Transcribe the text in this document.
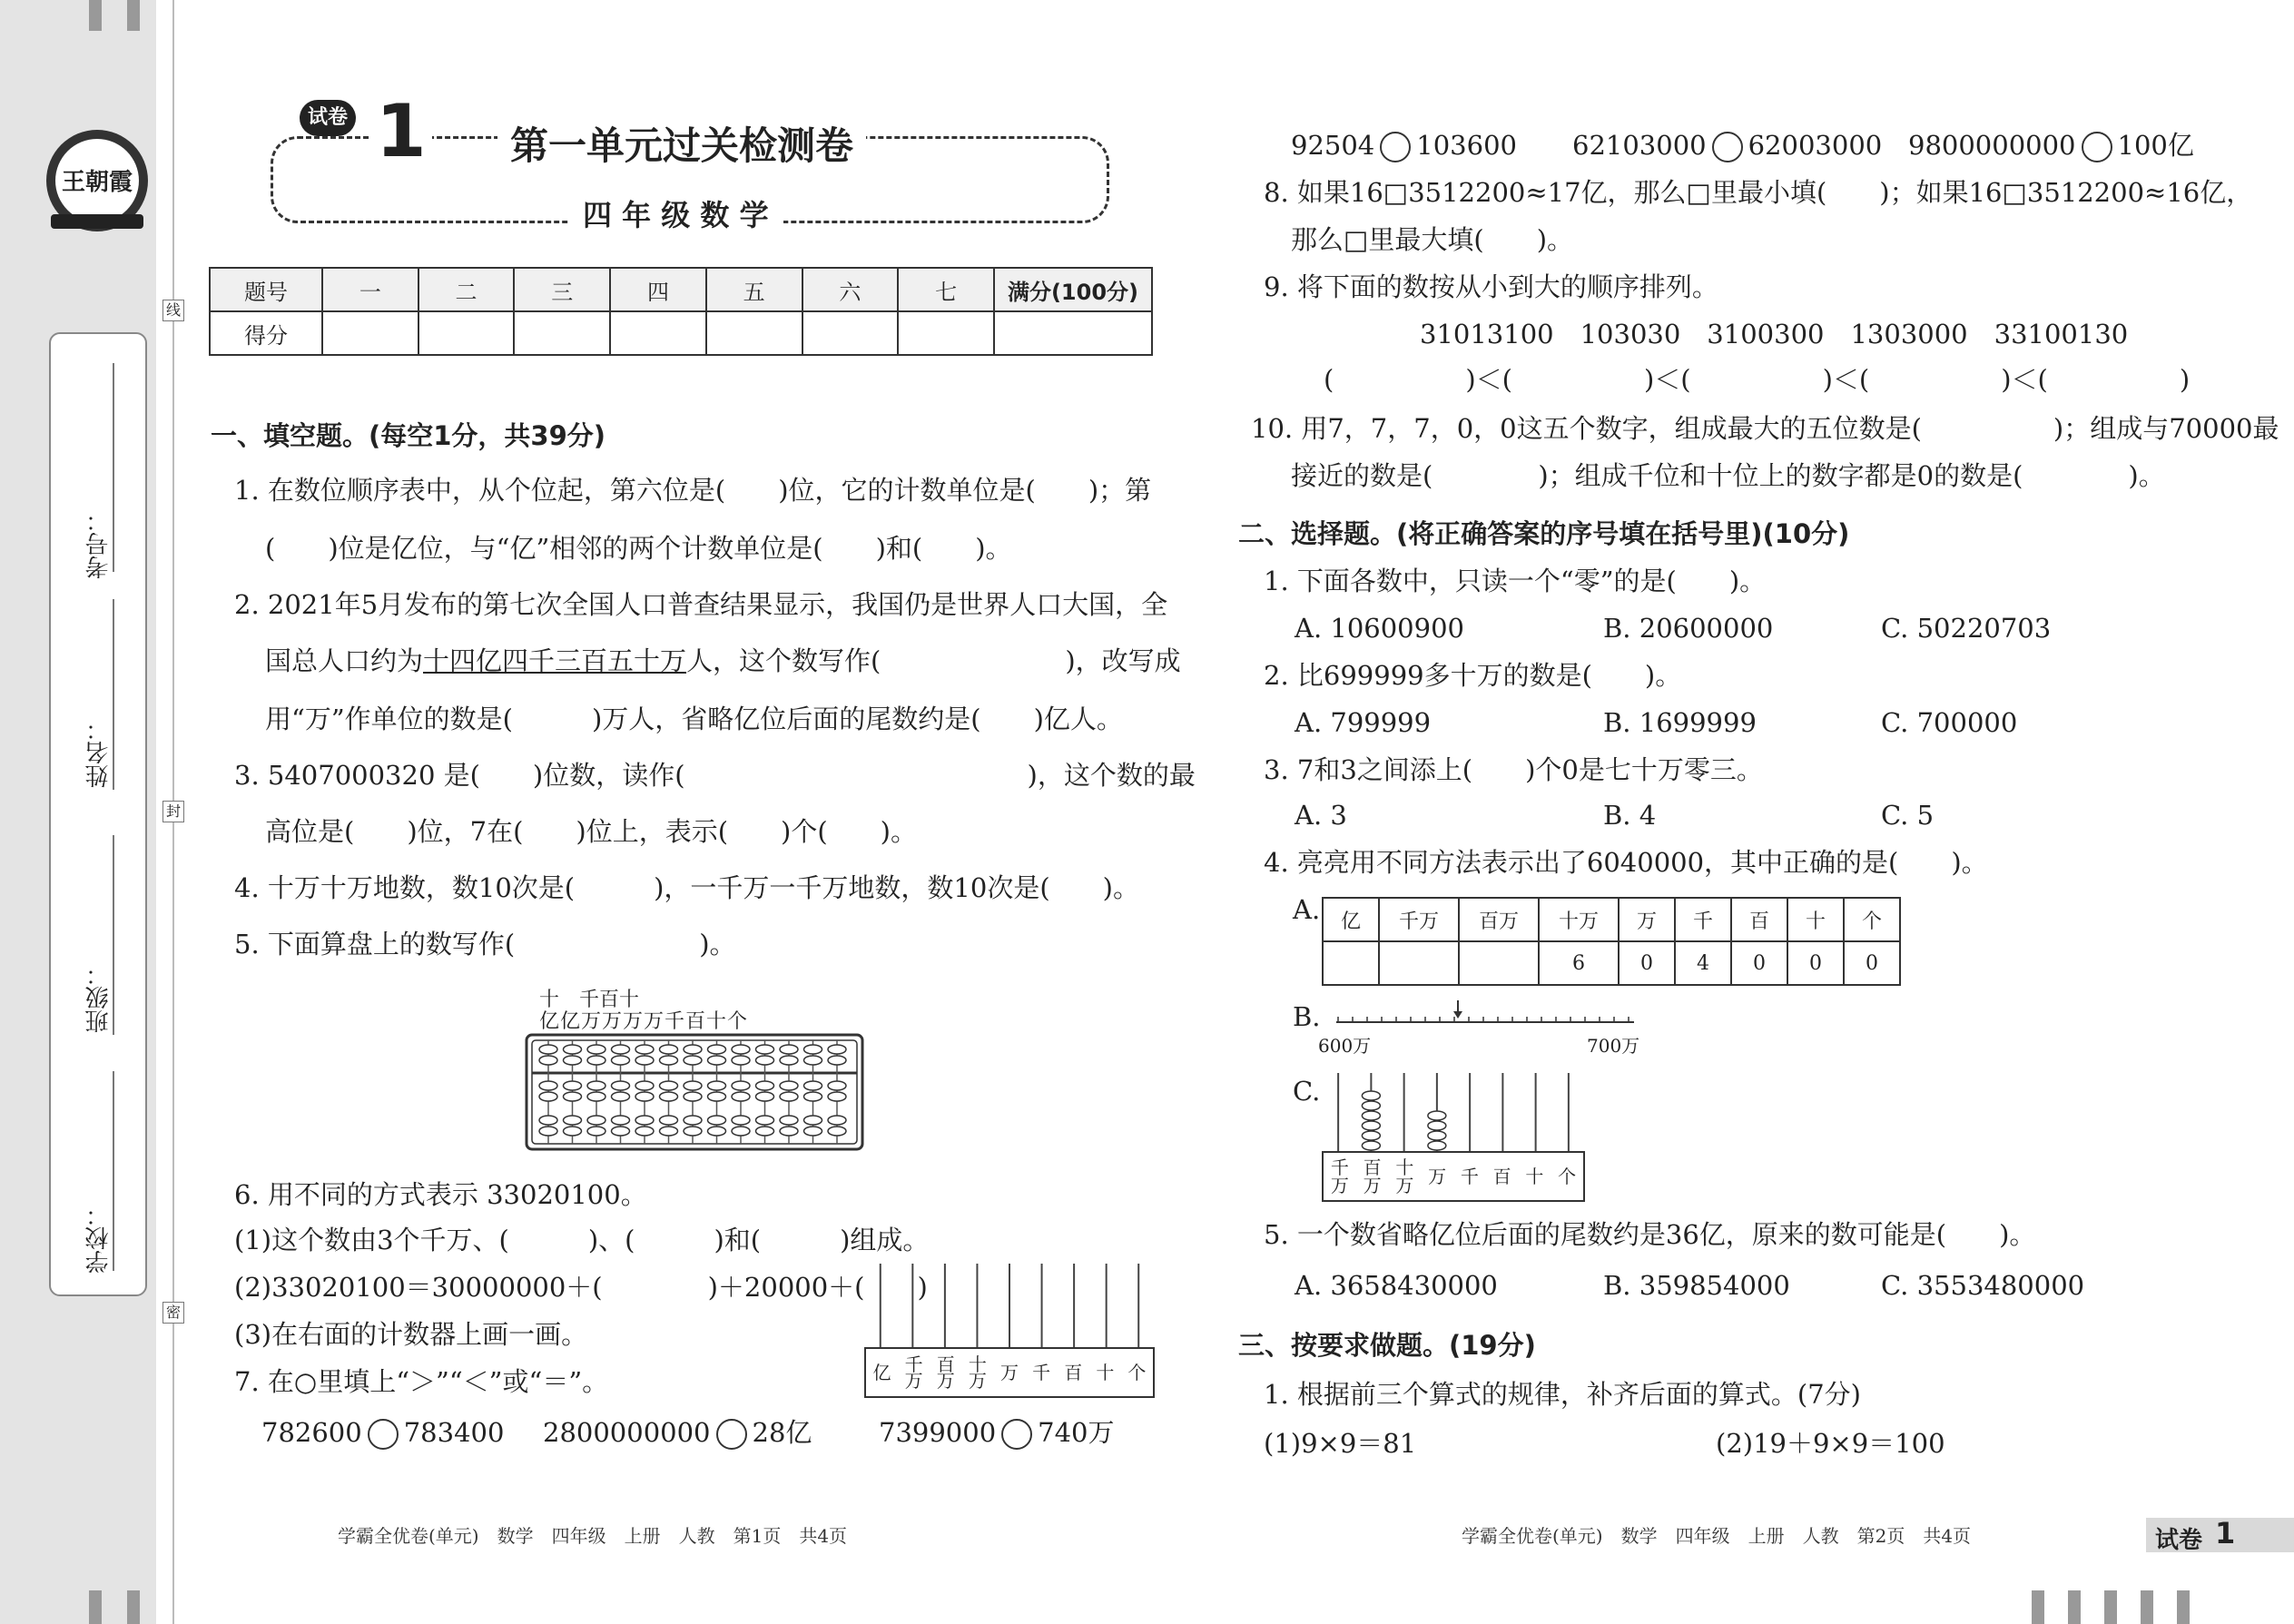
王朝霞
考号：
姓名：
班级：
学校：
线
封
密
试卷 1	第一单元过关检测卷
四 年 级 数 学
题号	一	二	三	四	五	六	七	满分(100分)
得分								
一、填空题。(每空1分，共39分)
1. 在数位顺序表中，从个位起，第六位是(　　)位，它的计数单位是(　　)；第
(　　)位是亿位，与“亿”相邻的两个计数单位是(　　)和(　　)。
2. 2021年5月发布的第七次全国人口普查结果显示，我国仍是世界人口大国，全
国总人口约为十四亿四千三百五十万人，这个数写作(　　　　　　　)，改写成
用“万”作单位的数是(　　　)万人，省略亿位后面的尾数约是(　　)亿人。
3. 5407000320 是(　　)位数，读作(　　　　　　　　　　　　　)，这个数的最
高位是(　　)位，7在(　　)位上，表示(　　)个(　　)。
4. 十万十万地数，数10次是(　　　)，一千万一千万地数，数10次是(　　)。
5. 下面算盘上的数写作(　　　　　　　)。
十　千百十
亿亿万万万万千百十个
6. 用不同的方式表示 33020100。
(1)这个数由3个千万、(　　　)、(　　　)和(　　　)组成。
(2)33020100＝30000000＋(　　　　)＋20000＋(　　)
(3)在右面的计数器上画一画。
亿 千万
百万
十万 万 千 百 十 个
7. 在○里填上“＞”“＜”或“＝”。
782600 783400 2800000000 28亿	7399000 740万
学霸全优卷(单元)　数学　四年级　上册　人教　第1页　共4页
92504 103600 62103000 62003000 9800000000 100亿
8. 如果16□3512200≈17亿，那么□里最小填(　　)；如果16□3512200≈16亿，
那么□里最大填(　　)。
9. 将下面的数按从小到大的顺序排列。
31013100　103030　3100300　1303000　33100130
(　　　　　)＜(　　　　　)＜(　　　　　)＜(　　　　　)＜(　　　　　)
10. 用7，7，7，0，0这五个数字，组成最大的五位数是(　　　　　)；组成与70000最
接近的数是(　　　　)；组成千位和十位上的数字都是0的数是(　　　　)。
二、选择题。(将正确答案的序号填在括号里)(10分)
1. 下面各数中，只读一个“零”的是(　　)。
A. 10600900	B. 20600000	C. 50220703
2. 比699999多十万的数是(　　)。
A. 799999	B. 1699999	C. 700000
3. 7和3之间添上(　　)个0是七十万零三。
A. 3	B. 4	C. 5
4. 亮亮用不同方法表示出了6040000，其中正确的是(　　)。
A. 亿	千万	百万	十万	万	千	百	十	个
			6	0	4	0	0	0
B.
600万	700万
C.
千万
百万
十万 万 千 百 十 个
5. 一个数省略亿位后面的尾数约是36亿，原来的数可能是(　　)。
A. 3658430000	B. 359854000	C. 3553480000
三、按要求做题。(19分)
1. 根据前三个算式的规律，补齐后面的算式。(7分)
(1)9×9＝81	(2)19＋9×9＝100
学霸全优卷(单元)　数学　四年级　上册　人教　第2页　共4页	试卷 1
